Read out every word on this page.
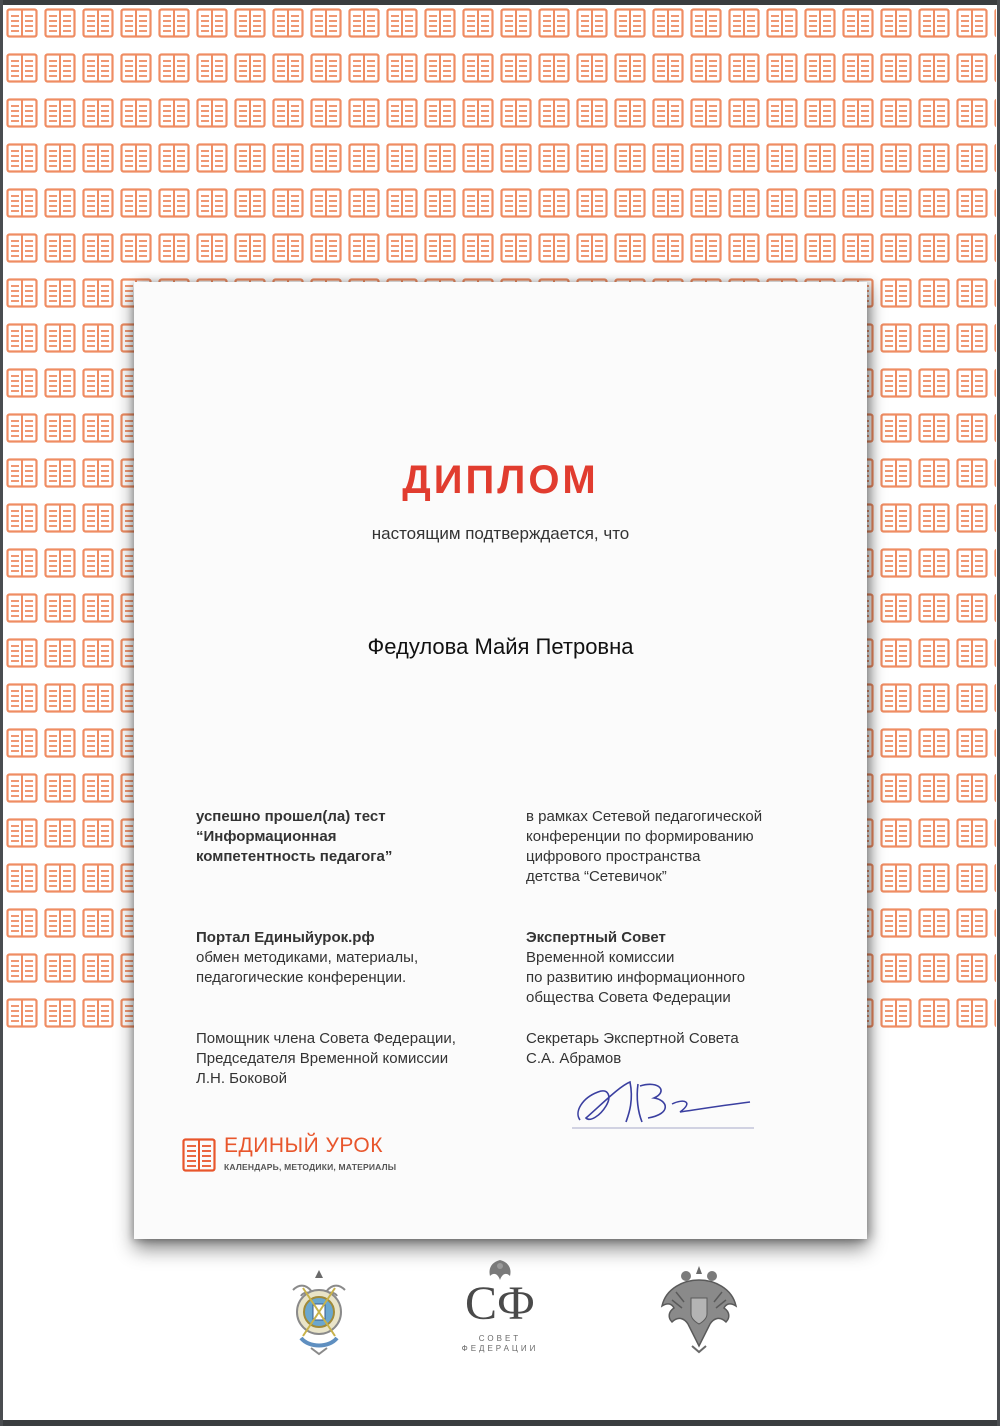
ДИПЛОМ
настоящим подтверждается, что
Федулова Майя Петровна
успешно прошел(ла) тест
“Информационная
компетентность педагога”
в рамках Сетевой педагогической
конференции по формированию
цифрового пространства
детства “Сетевичок”
Портал Единыйурок.рф
обмен методиками, материалы,
педагогические конференции.
Экспертный Совет
Временной комиссии
по развитию информационного
общества Совета Федерации
Помощник члена Совета Федерации,
Председателя Временной комиссии
Л.Н. Боковой
Секретарь Экспертной Совета
С.А. Абрамов
ЕДИНЫЙ УРОК
КАЛЕНДАРЬ, МЕТОДИКИ, МАТЕРИАЛЫ
СФ
СОВЕТ ФЕДЕРАЦИИ
